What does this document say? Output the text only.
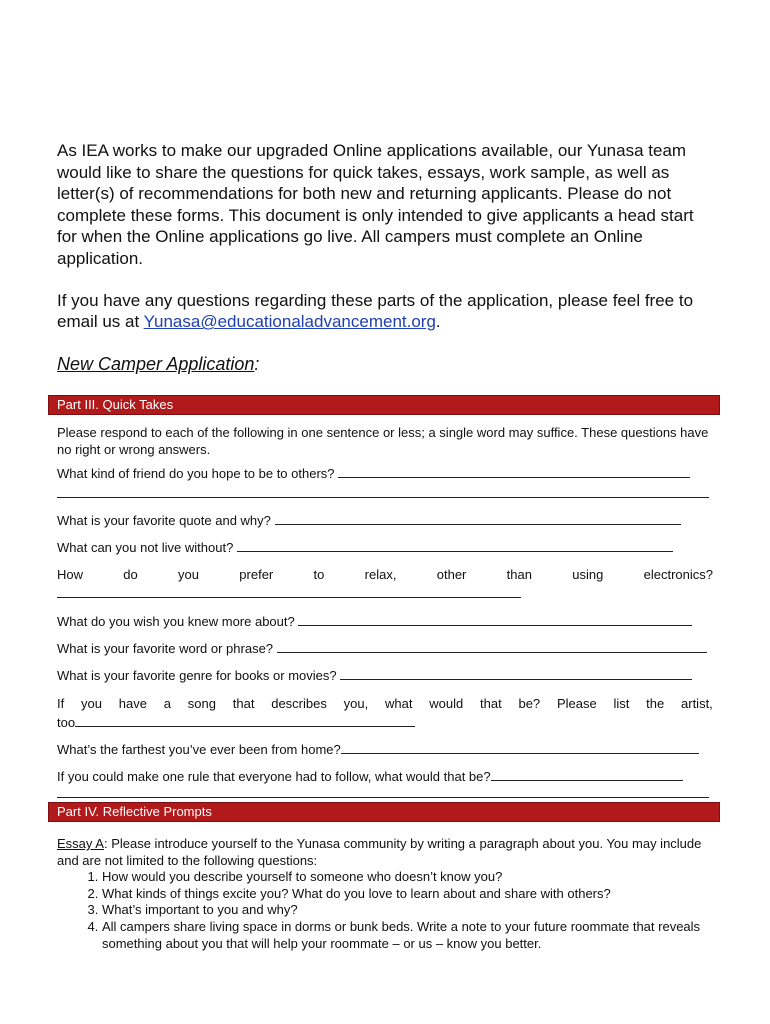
As IEA works to make our upgraded Online applications available, our Yunasa team would like to share the questions for quick takes, essays, work sample, as well as letter(s) of recommendations for both new and returning applicants. Please do not complete these forms. This document is only intended to give applicants a head start for when the Online applications go live. All campers must complete an Online application.

If you have any questions regarding these parts of the application, please feel free to email us at Yunasa@educationaladvancement.org.

New Camper Application:
Part III. Quick Takes
Please respond to each of the following in one sentence or less; a single word may suffice. These questions have no right or wrong answers.
What kind of friend do you hope to be to others?
What is your favorite quote and why?
What can you not live without?
How	do	you	prefer	to	relax,	other	than	using	electronics?
What do you wish you knew more about?
What is your favorite word or phrase?
What is your favorite genre for books or movies?
If you have a song that describes you, what would that be? Please list the artist,
too
What’s the farthest you’ve ever been from home?
If you could make one rule that everyone had to follow, what would that be?
Part IV. Reflective Prompts

Essay A: Please introduce yourself to the Yunasa community by writing a paragraph about you. You may include and are not limited to the following questions:

1. How would you describe yourself to someone who doesn’t know you?
2. What kinds of things excite you? What do you love to learn about and share with others?
3. What’s important to you and why?
4. All campers share living space in dorms or bunk beds. Write a note to your future roommate that reveals something about you that will help your roommate – or us – know you better.
